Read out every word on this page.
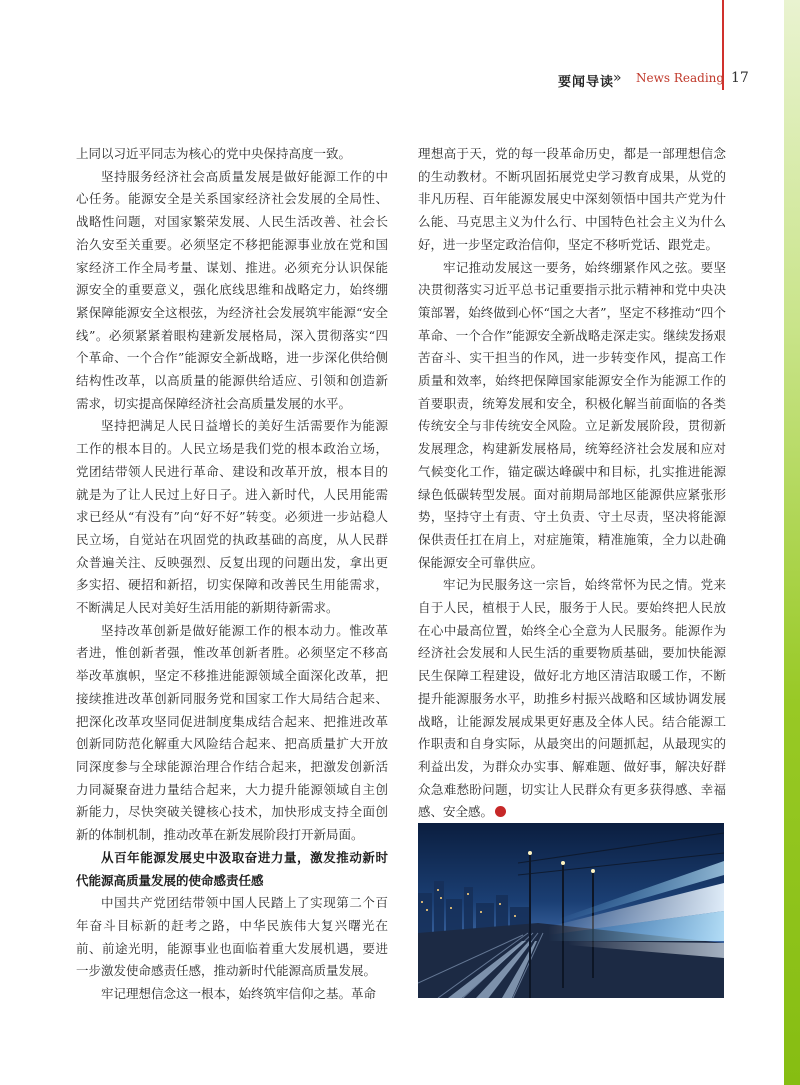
要闻导读
» News Reading 17

上同以习近平同志为核心的党中央保持高度一致。

坚持服务经济社会高质量发展是做好能源工作的中心任务。能源安全是关系国家经济社会发展的全局性、战略性问题，对国家繁荣发展、人民生活改善、社会长治久安至关重要。必须坚定不移把能源事业放在党和国家经济工作全局考量、谋划、推进。必须充分认识保能源安全的重要意义，强化底线思维和战略定力，始终绷紧保障能源安全这根弦，为经济社会发展筑牢能源“安全线”。必须紧紧着眼构建新发展格局，深入贯彻落实“四个革命、一个合作”能源安全新战略，进一步深化供给侧结构性改革，以高质量的能源供给适应、引领和创造新需求，切实提高保障经济社会高质量发展的水平。

坚持把满足人民日益增长的美好生活需要作为能源工作的根本目的。人民立场是我们党的根本政治立场，党团结带领人民进行革命、建设和改革开放，根本目的就是为了让人民过上好日子。进入新时代，人民用能需求已经从“有没有”向“好不好”转变。必须进一步站稳人民立场，自觉站在巩固党的执政基础的高度，从人民群众普遍关注、反映强烈、反复出现的问题出发，拿出更多实招、硬招和新招，切实保障和改善民生用能需求，不断满足人民对美好生活用能的新期待新需求。

坚持改革创新是做好能源工作的根本动力。惟改革者进，惟创新者强，惟改革创新者胜。必须坚定不移高举改革旗帜，坚定不移推进能源领域全面深化改革，把接续推进改革创新同服务党和国家工作大局结合起来、把深化改革攻坚同促进制度集成结合起来、把推进改革创新同防范化解重大风险结合起来、把高质量扩大开放同深度参与全球能源治理合作结合起来，把激发创新活力同凝聚奋进力量结合起来，大力提升能源领域自主创新能力，尽快突破关键核心技术，加快形成支持全面创新的体制机制，推动改革在新发展阶段打开新局面。

从百年能源发展史中汲取奋进力量，激发推动新时代能源高质量发展的使命感责任感

中国共产党团结带领中国人民踏上了实现第二个百年奋斗目标新的赶考之路，中华民族伟大复兴曙光在前、前途光明，能源事业也面临着重大发展机遇，要进一步激发使命感责任感，推动新时代能源高质量发展。

牢记理想信念这一根本，始终筑牢信仰之基。革命

理想高于天，党的每一段革命历史，都是一部理想信念的生动教材。不断巩固拓展党史学习教育成果，从党的非凡历程、百年能源发展史中深刻领悟中国共产党为什么能、马克思主义为什么行、中国特色社会主义为什么好，进一步坚定政治信仰，坚定不移听党话、跟党走。

牢记推动发展这一要务，始终绷紧作风之弦。要坚决贯彻落实习近平总书记重要指示批示精神和党中央决策部署，始终做到心怀“国之大者”，坚定不移推动“四个革命、一个合作”能源安全新战略走深走实。继续发扬艰苦奋斗、实干担当的作风，进一步转变作风，提高工作质量和效率，始终把保障国家能源安全作为能源工作的首要职责，统筹发展和安全，积极化解当前面临的各类传统安全与非传统安全风险。立足新发展阶段，贯彻新发展理念，构建新发展格局，统筹经济社会发展和应对气候变化工作，锚定碳达峰碳中和目标，扎实推进能源绿色低碳转型发展。面对前期局部地区能源供应紧张形势，坚持守土有责、守土负责、守土尽责，坚决将能源保供责任扛在肩上，对症施策，精准施策，全力以赴确保能源安全可靠供应。

牢记为民服务这一宗旨，始终常怀为民之情。党来自于人民，植根于人民，服务于人民。要始终把人民放在心中最高位置，始终全心全意为人民服务。能源作为经济社会发展和人民生活的重要物质基础，要加快能源民生保障工程建设，做好北方地区清洁取暖工作，不断提升能源服务水平，助推乡村振兴战略和区域协调发展战略，让能源发展成果更好惠及全体人民。结合能源工作职责和自身实际，从最突出的问题抓起，从最现实的利益出发，为群众办实事、解难题、做好事，解决好群众急难愁盼问题，切实让人民群众有更多获得感、幸福感、安全感。
